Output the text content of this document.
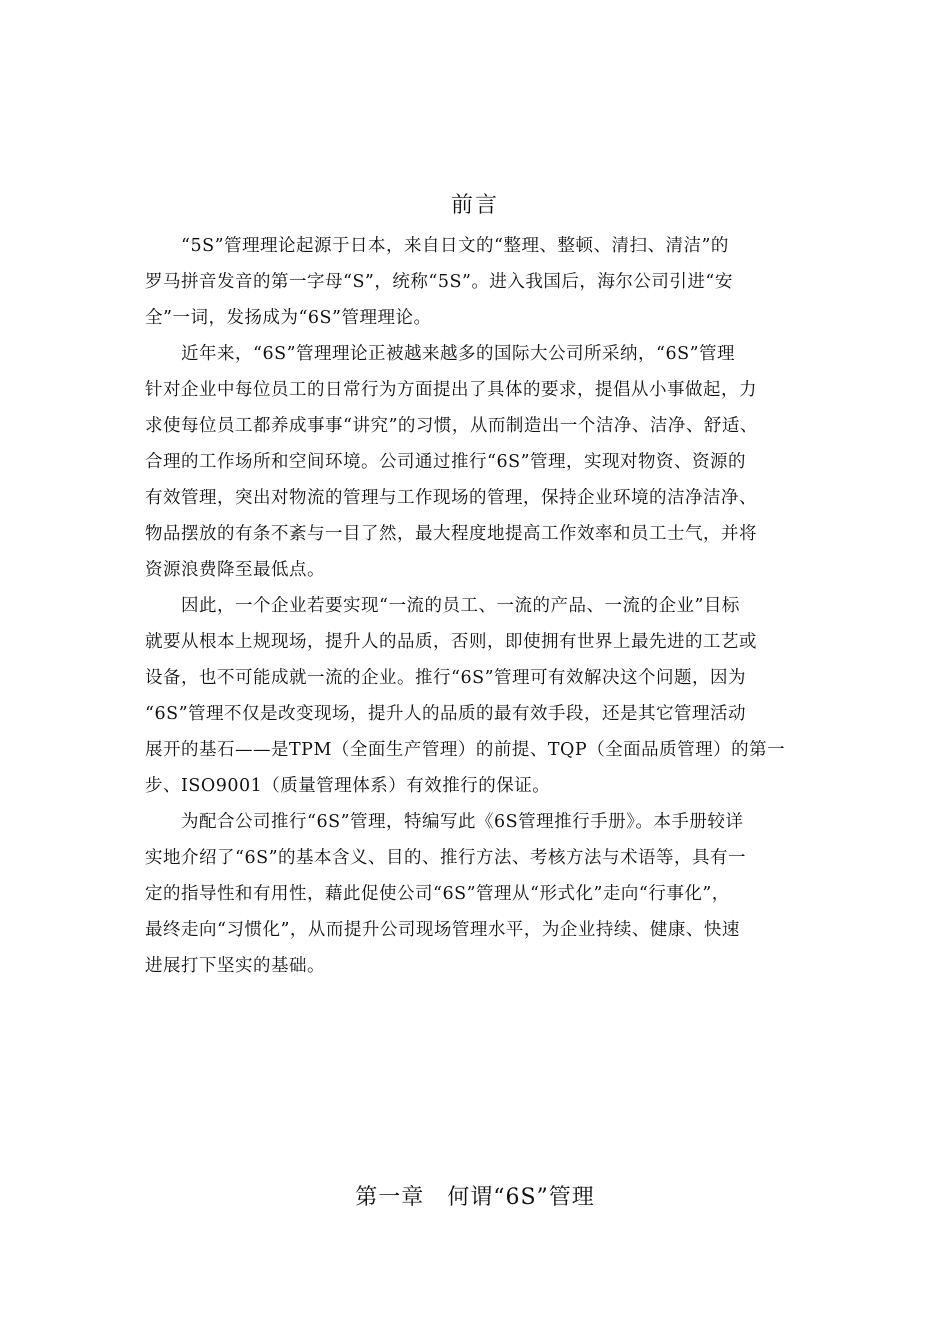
前言
“5S”管理理论起源于日本，来自日文的“整理、整顿、清扫、清洁”的
罗马拼音发音的第一字母“S”，统称“5S”。进入我国后，海尔公司引进“安
全”一词，发扬成为“6S”管理理论。
近年来，“6S”管理理论正被越来越多的国际大公司所采纳，“6S”管理
针对企业中每位员工的日常行为方面提出了具体的要求，提倡从小事做起，力
求使每位员工都养成事事“讲究”的习惯，从而制造出一个洁净、洁净、舒适、
合理的工作场所和空间环境。公司通过推行“6S”管理，实现对物资、资源的
有效管理，突出对物流的管理与工作现场的管理，保持企业环境的洁净洁净、
物品摆放的有条不紊与一目了然，最大程度地提高工作效率和员工士气，并将
资源浪费降至最低点。
因此，一个企业若要实现“一流的员工、一流的产品、一流的企业”目标
就要从根本上规现场，提升人的品质，否则，即使拥有世界上最先进的工艺或
设备，也不可能成就一流的企业。推行“6S”管理可有效解决这个问题，因为
“6S”管理不仅是改变现场，提升人的品质的最有效手段，还是其它管理活动
展开的基石——是TPM（全面生产管理）的前提、TQP（全面品质管理）的第一
步、ISO9001（质量管理体系）有效推行的保证。
为配合公司推行“6S”管理，特编写此《6S管理推行手册》。本手册较详
实地介绍了“6S”的基本含义、目的、推行方法、考核方法与术语等，具有一
定的指导性和有用性，藉此促使公司“6S”管理从“形式化”走向“行事化”，
最终走向“习惯化”，从而提升公司现场管理水平，为企业持续、健康、快速
进展打下坚实的基础。
第一章　何谓“6S”管理
